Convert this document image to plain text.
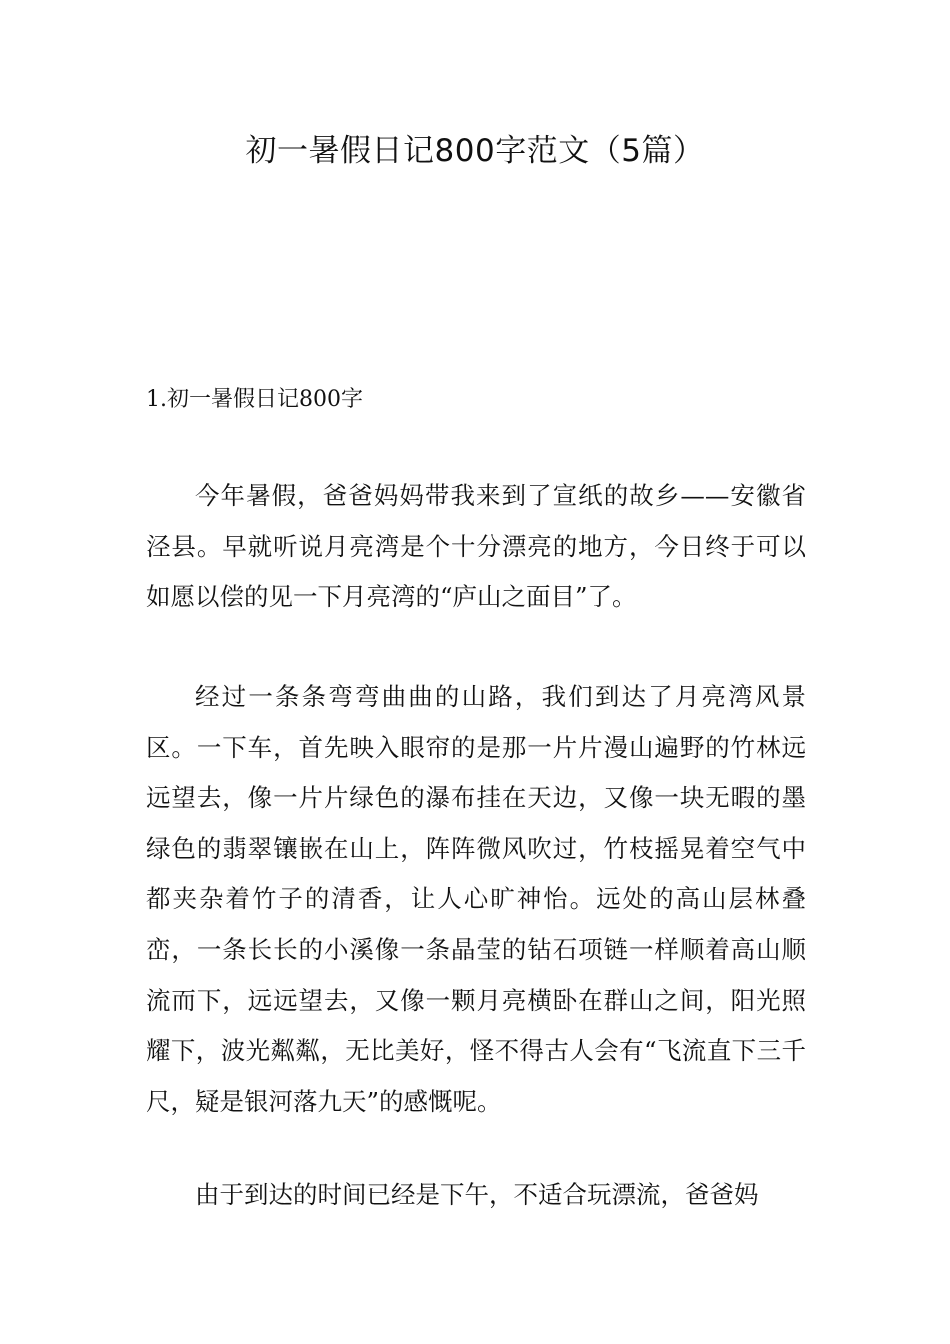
初一暑假日记800字范文（5篇）
1.初一暑假日记800字

今年暑假，爸爸妈妈带我来到了宣纸的故乡——安徽省泾县。早就听说月亮湾是个十分漂亮的地方，今日终于可以如愿以偿的见一下月亮湾的“庐山之面目”了。

经过一条条弯弯曲曲的山路，我们到达了月亮湾风景区。一下车，首先映入眼帘的是那一片片漫山遍野的竹林远远望去，像一片片绿色的瀑布挂在天边，又像一块无暇的墨绿色的翡翠镶嵌在山上，阵阵微风吹过，竹枝摇晃着空气中都夹杂着竹子的清香，让人心旷神怡。远处的高山层林叠峦，一条长长的小溪像一条晶莹的钻石项链一样顺着高山顺流而下，远远望去，又像一颗月亮横卧在群山之间，阳光照耀下，波光粼粼，无比美好，怪不得古人会有“飞流直下三千尺，疑是银河落九天”的感慨呢。

由于到达的时间已经是下午，不适合玩漂流，爸爸妈
